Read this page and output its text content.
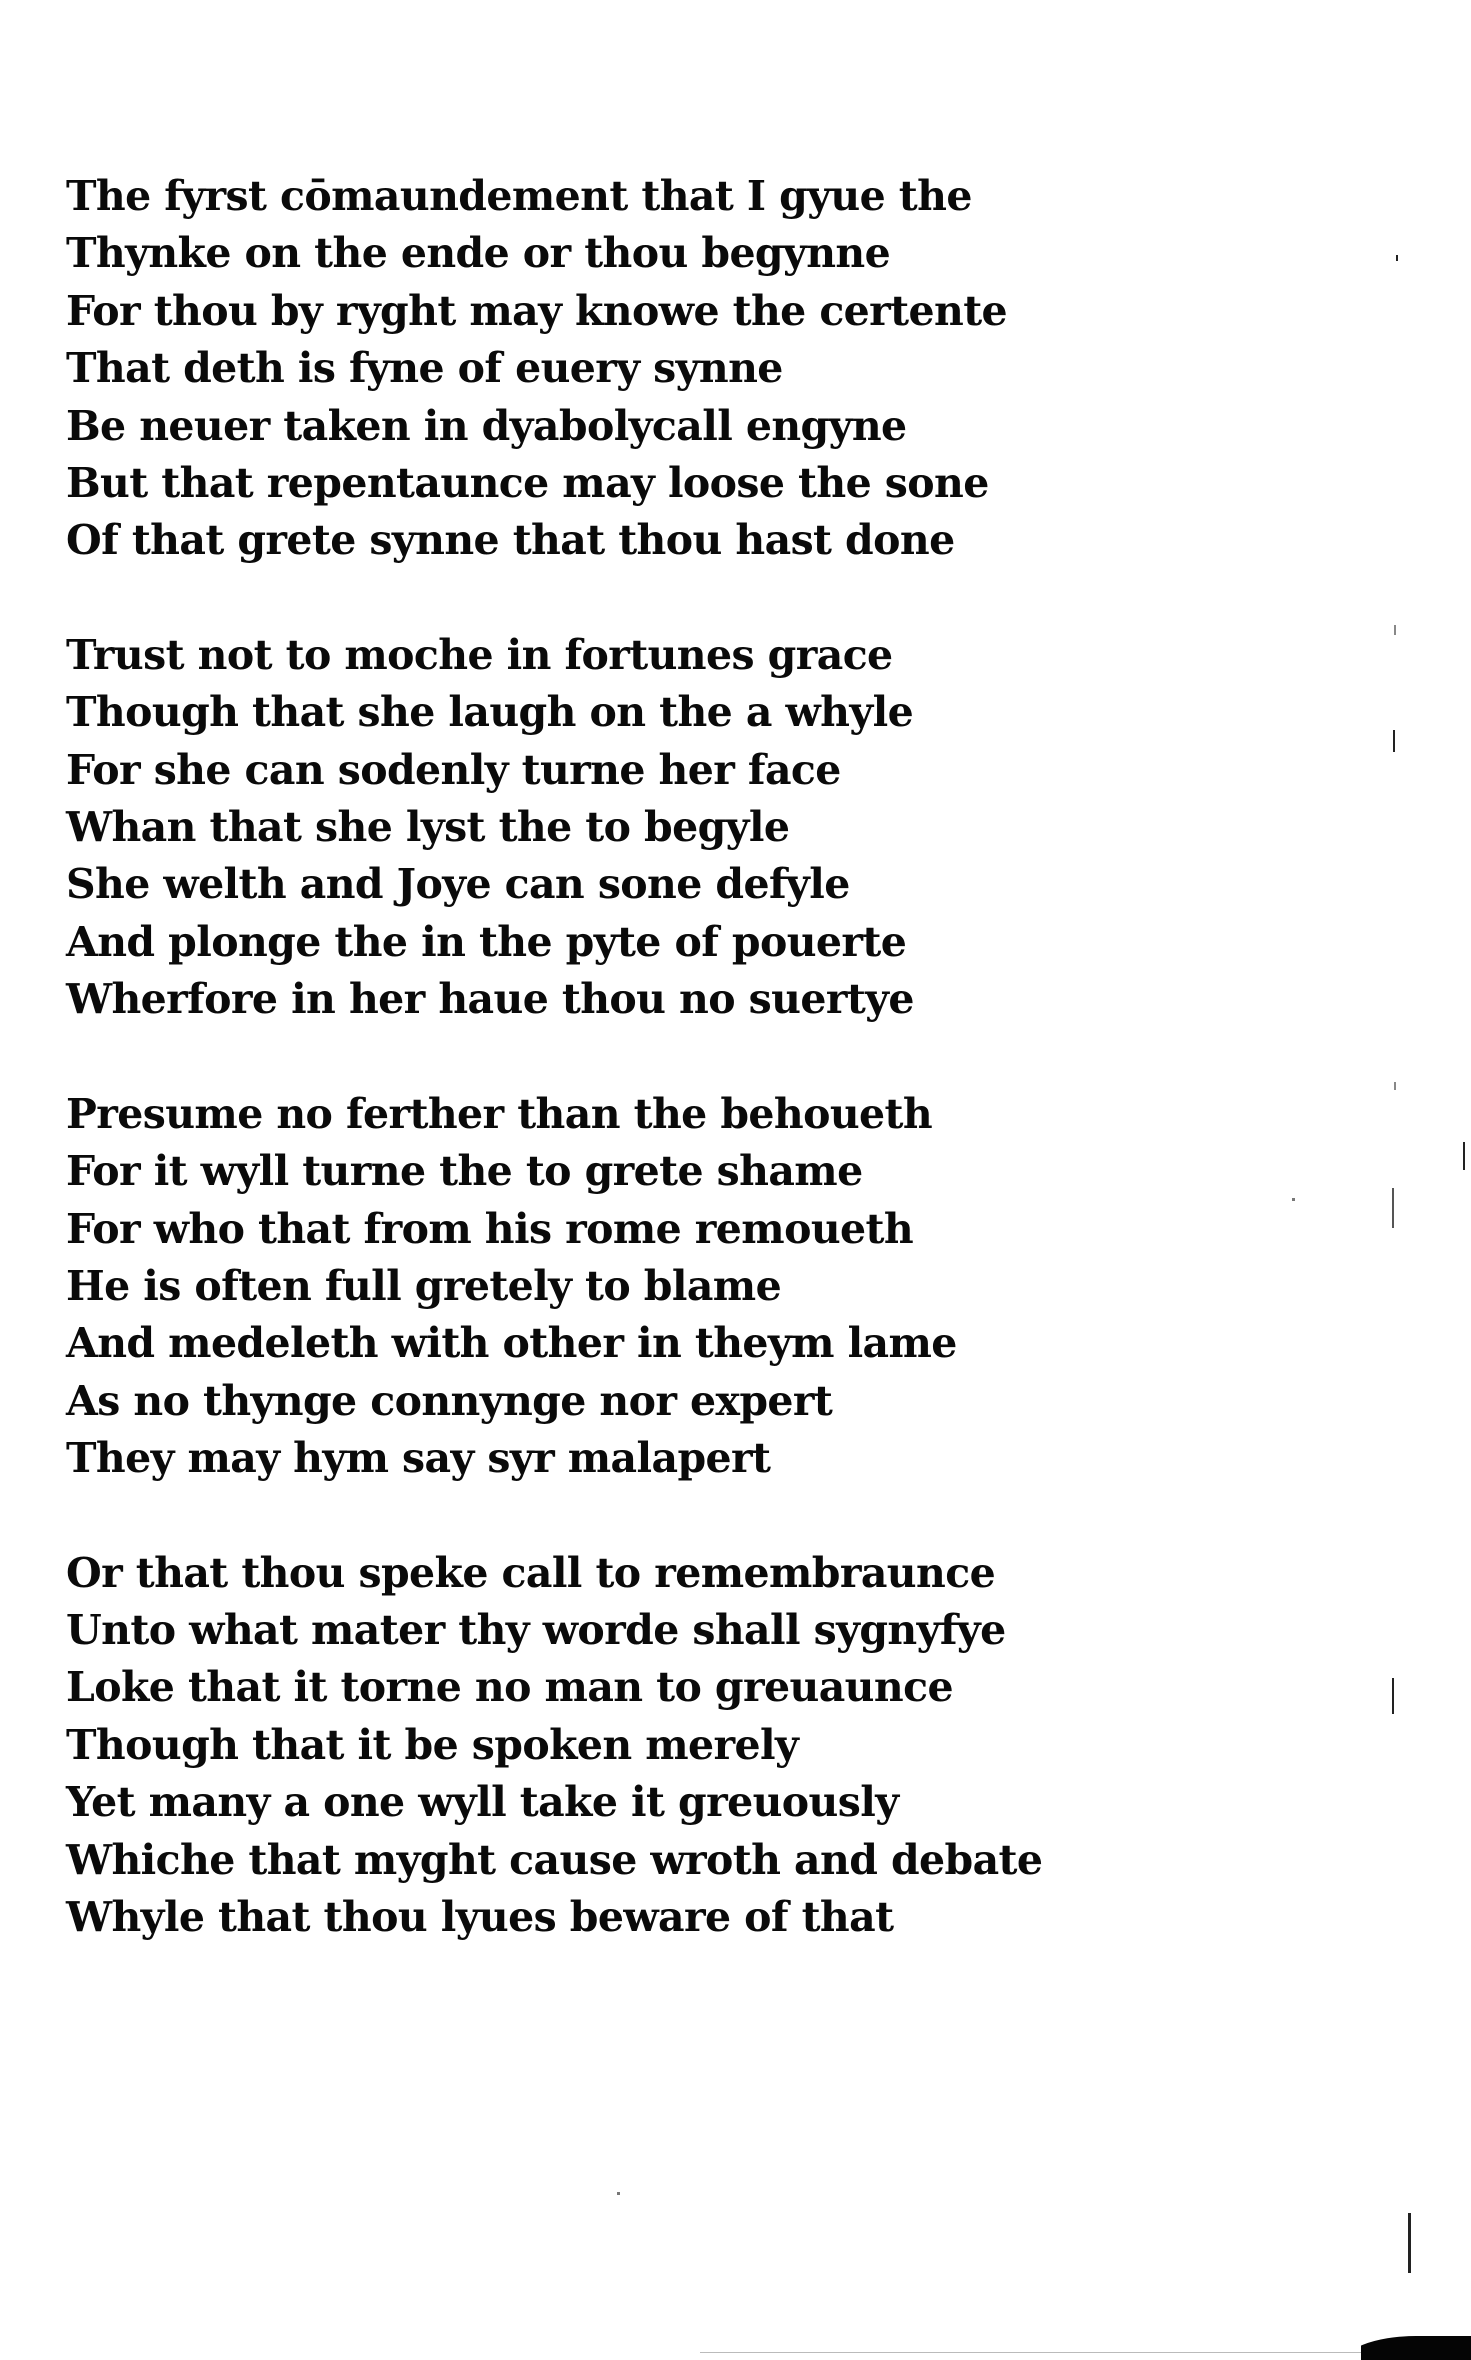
The fyrst cōmaundement that I gyue the
Thynke on the ende or thou begynne
For thou by ryght may knowe the certente
That deth is fyne of euery synne
Be neuer taken in dyabolycall engyne
But that repentaunce may loose the sone
Of that grete synne that thou hast done
Trust not to moche in fortunes grace
Though that she laugh on the a whyle
For she can sodenly turne her face
Whan that she lyst the to begyle
She welth and Joye can sone defyle
And plonge the in the pyte of pouerte
Wherfore in her haue thou no suertye
Presume no ferther than the behoueth
For it wyll turne the to grete shame
For who that from his rome remoueth
He is often full gretely to blame
And medeleth with other in theym lame
As no thynge connynge nor expert
They may hym say syr malapert
Or that thou speke call to remembraunce
Unto what mater thy worde shall sygnyfye
Loke that it torne no man to greuaunce
Though that it be spoken merely
Yet many a one wyll take it greuously
Whiche that myght cause wroth and debate
Whyle that thou lyues beware of that
